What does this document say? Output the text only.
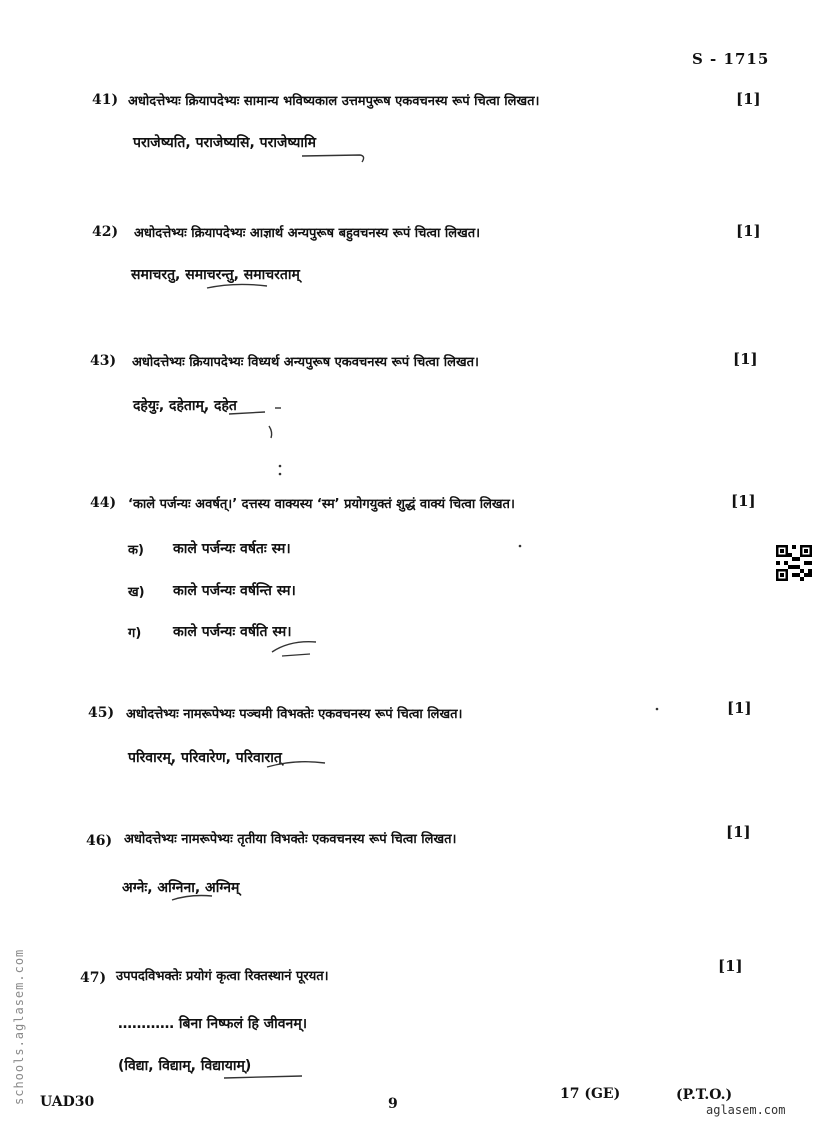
S - 1715
41) अधोदत्तेभ्यः क्रियापदेभ्यः सामान्य भविष्यकाल उत्तमपुरूष एकवचनस्य रूपं चित्वा लिखत।	[1]
पराजेष्यति, पराजेष्यसि, पराजेष्यामि
42) अधोदत्तेभ्यः क्रियापदेभ्यः आज्ञार्थ अन्यपुरूष बहुवचनस्य रूपं चित्वा लिखत।	[1]
समाचरतु, समाचरन्तु, समाचरताम्
43) अधोदत्तेभ्यः क्रियापदेभ्यः विध्यर्थ अन्यपुरूष एकवचनस्य रूपं चित्वा लिखत।	[1]
दहेयुः, दहेताम्, दहेत
44) ‘काले पर्जन्यः अवर्षत्।’ दत्तस्य वाक्यस्य ‘स्म’ प्रयोगयुक्तं शुद्धं वाक्यं चित्वा लिखत।	[1]
क) काले पर्जन्यः वर्षतः स्म।
ख) काले पर्जन्यः वर्षन्ति स्म।
ग) काले पर्जन्यः वर्षति स्म।
45) अधोदत्तेभ्यः नामरूपेभ्यः पञ्चमी विभक्तेः एकवचनस्य रूपं चित्वा लिखत।	[1]
परिवारम्, परिवारेण, परिवारात्
46) अधोदत्तेभ्यः नामरूपेभ्यः तृतीया विभक्तेः एकवचनस्य रूपं चित्वा लिखत।	[1]
अग्नेः, अग्निना, अग्निम्
47) उपपदविभक्तेः प्रयोगं कृत्वा रिक्तस्थानं पूरयत।
[1]
………… बिना निष्फलं हि जीवनम्।
(विद्या, विद्याम्, विद्यायाम्)
schools.aglasem.com UAD30	9
17 (GE)	(P.T.O.)
aglasem.com
